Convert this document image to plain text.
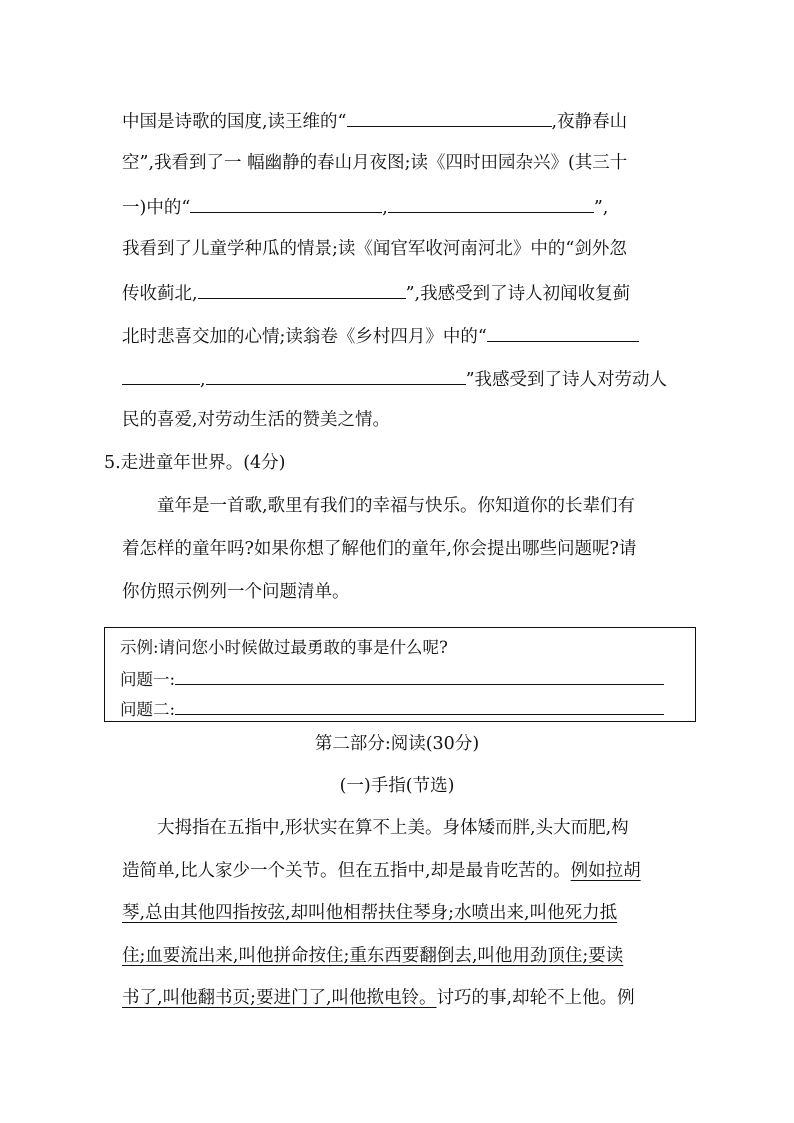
中国是诗歌的国度,读王维的“	,夜静春山
空”,我看到了一 幅幽静的春山月夜图;读《四时田园杂兴》(其三十
一)中的“	,	”,
我看到了儿童学种瓜的情景;读《闻官军收河南河北》中的“剑外忽
传收蓟北,	”,我感受到了诗人初闻收复蓟
北时悲喜交加的心情;读翁卷《乡村四月》中的“
,	”我感受到了诗人对劳动人
民的喜爱,对劳动生活的赞美之情。
5.走进童年世界。(4分)
童年是一首歌,歌里有我们的幸福与快乐。你知道你的长辈们有
着怎样的童年吗?如果你想了解他们的童年,你会提出哪些问题呢?请
你仿照示例列一个问题清单。
示例:请问您小时候做过最勇敢的事是什么呢?
问题一:
问题二:
第二部分:阅读(30分)
(一)手指(节选)
大拇指在五指中,形状实在算不上美。身体矮而胖,头大而肥,构
造简单,比人家少一个关节。但在五指中,却是最肯吃苦的。例如拉胡
琴,总由其他四指按弦,却叫他相帮扶住琴身;水喷出来,叫他死力抵
住;血要流出来,叫他拼命按住;重东西要翻倒去,叫他用劲顶住;要读
书了,叫他翻书页;要进门了,叫他揿电铃。讨巧的事,却轮不上他。例
